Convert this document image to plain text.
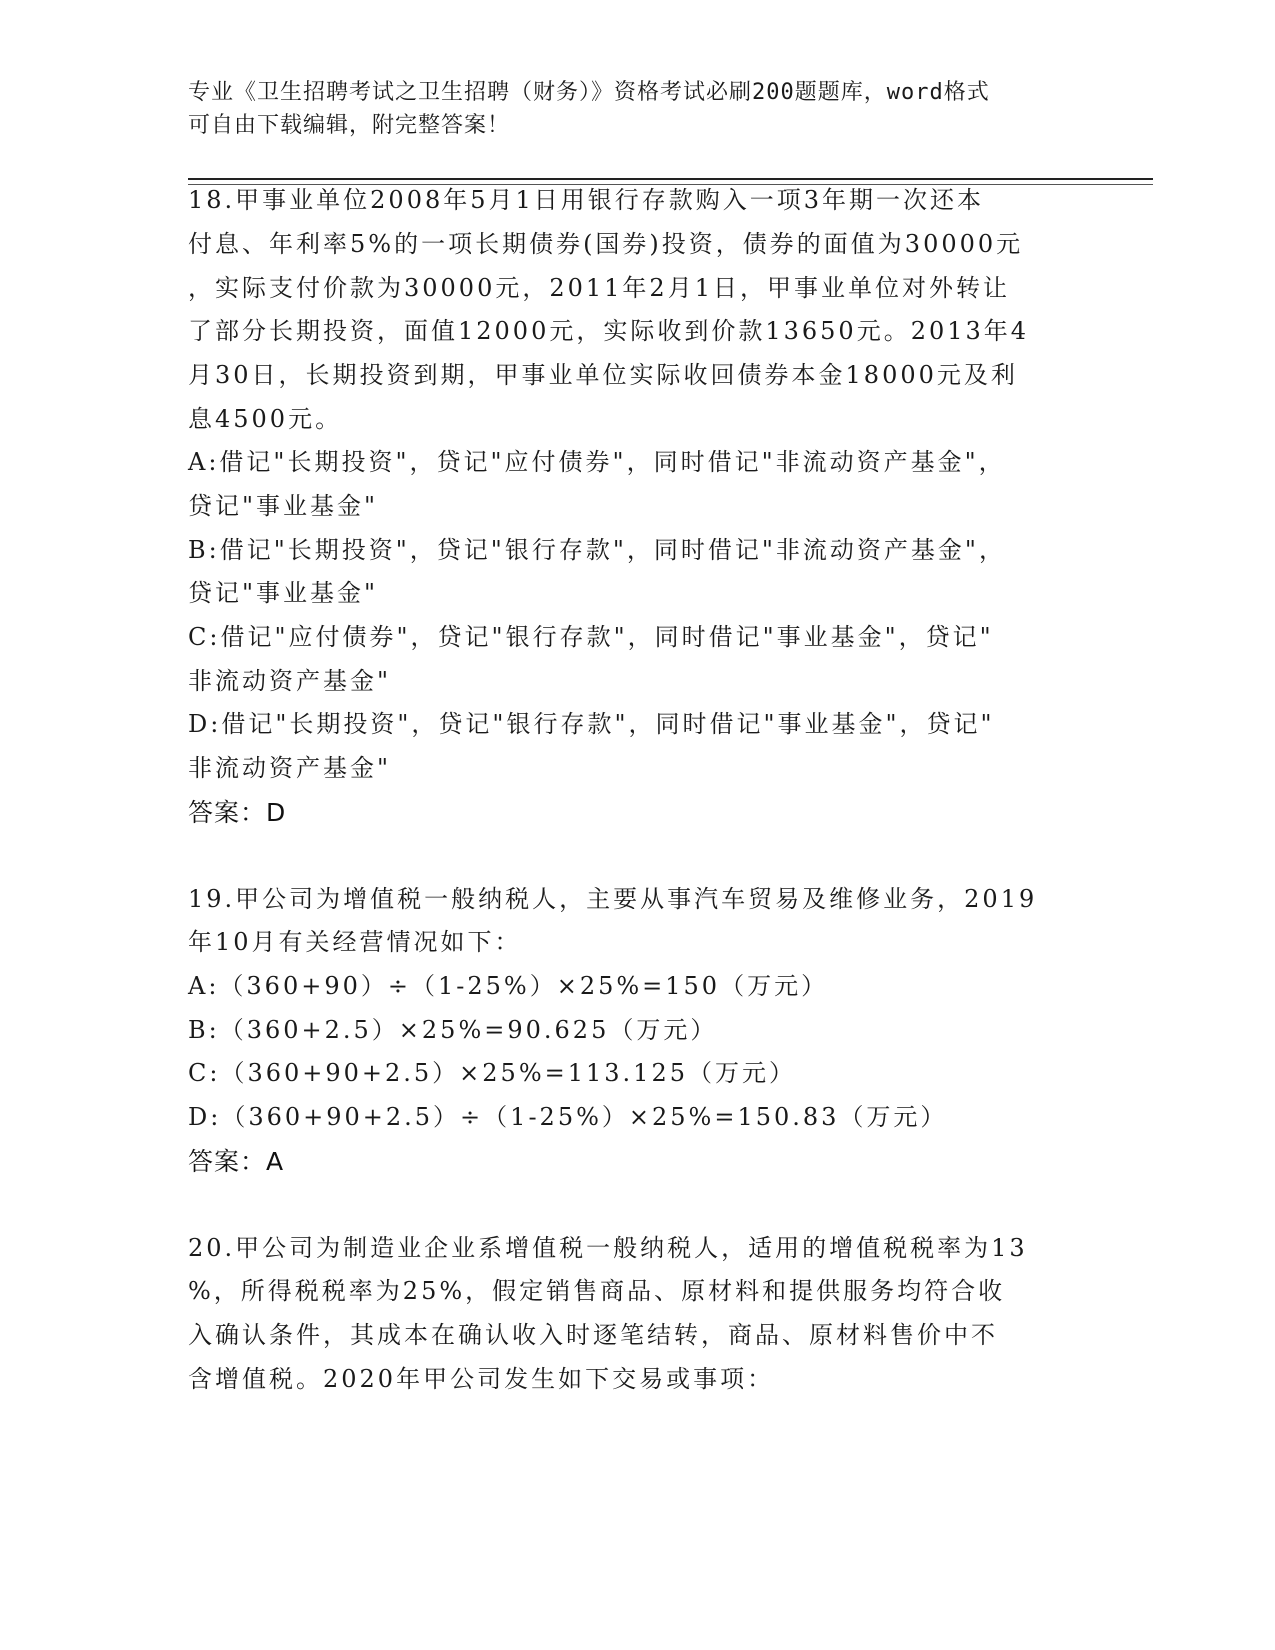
专业《卫生招聘考试之卫生招聘（财务）》资格考试必刷200题题库，word格式
可自由下载编辑，附完整答案！
18.甲事业单位2008年5月1日用银行存款购入一项3年期一次还本
付息、年利率5%的一项长期债券(国券)投资，债券的面值为30000元
，实际支付价款为30000元，2011年2月1日，甲事业单位对外转让
了部分长期投资，面值12000元，实际收到价款13650元。2013年4
月30日，长期投资到期，甲事业单位实际收回债券本金18000元及利
息4500元。
A:借记"长期投资"，贷记"应付债券"，同时借记"非流动资产基金"，
贷记"事业基金"
B:借记"长期投资"，贷记"银行存款"，同时借记"非流动资产基金"，
贷记"事业基金"
C:借记"应付债券"，贷记"银行存款"，同时借记"事业基金"，贷记"
非流动资产基金"
D:借记"长期投资"，贷记"银行存款"，同时借记"事业基金"，贷记"
非流动资产基金"
答案：D
19.甲公司为增值税一般纳税人，主要从事汽车贸易及维修业务，2019
年10月有关经营情况如下：
A:（360+90）÷（1-25%）×25%=150（万元）
B:（360+2.5）×25%=90.625（万元）
C:（360+90+2.5）×25%=113.125（万元）
D:（360+90+2.5）÷（1-25%）×25%=150.83（万元）
答案：A
20.甲公司为制造业企业系增值税一般纳税人，适用的增值税税率为13
%，所得税税率为25%，假定销售商品、原材料和提供服务均符合收
入确认条件，其成本在确认收入时逐笔结转，商品、原材料售价中不
含增值税。2020年甲公司发生如下交易或事项：
